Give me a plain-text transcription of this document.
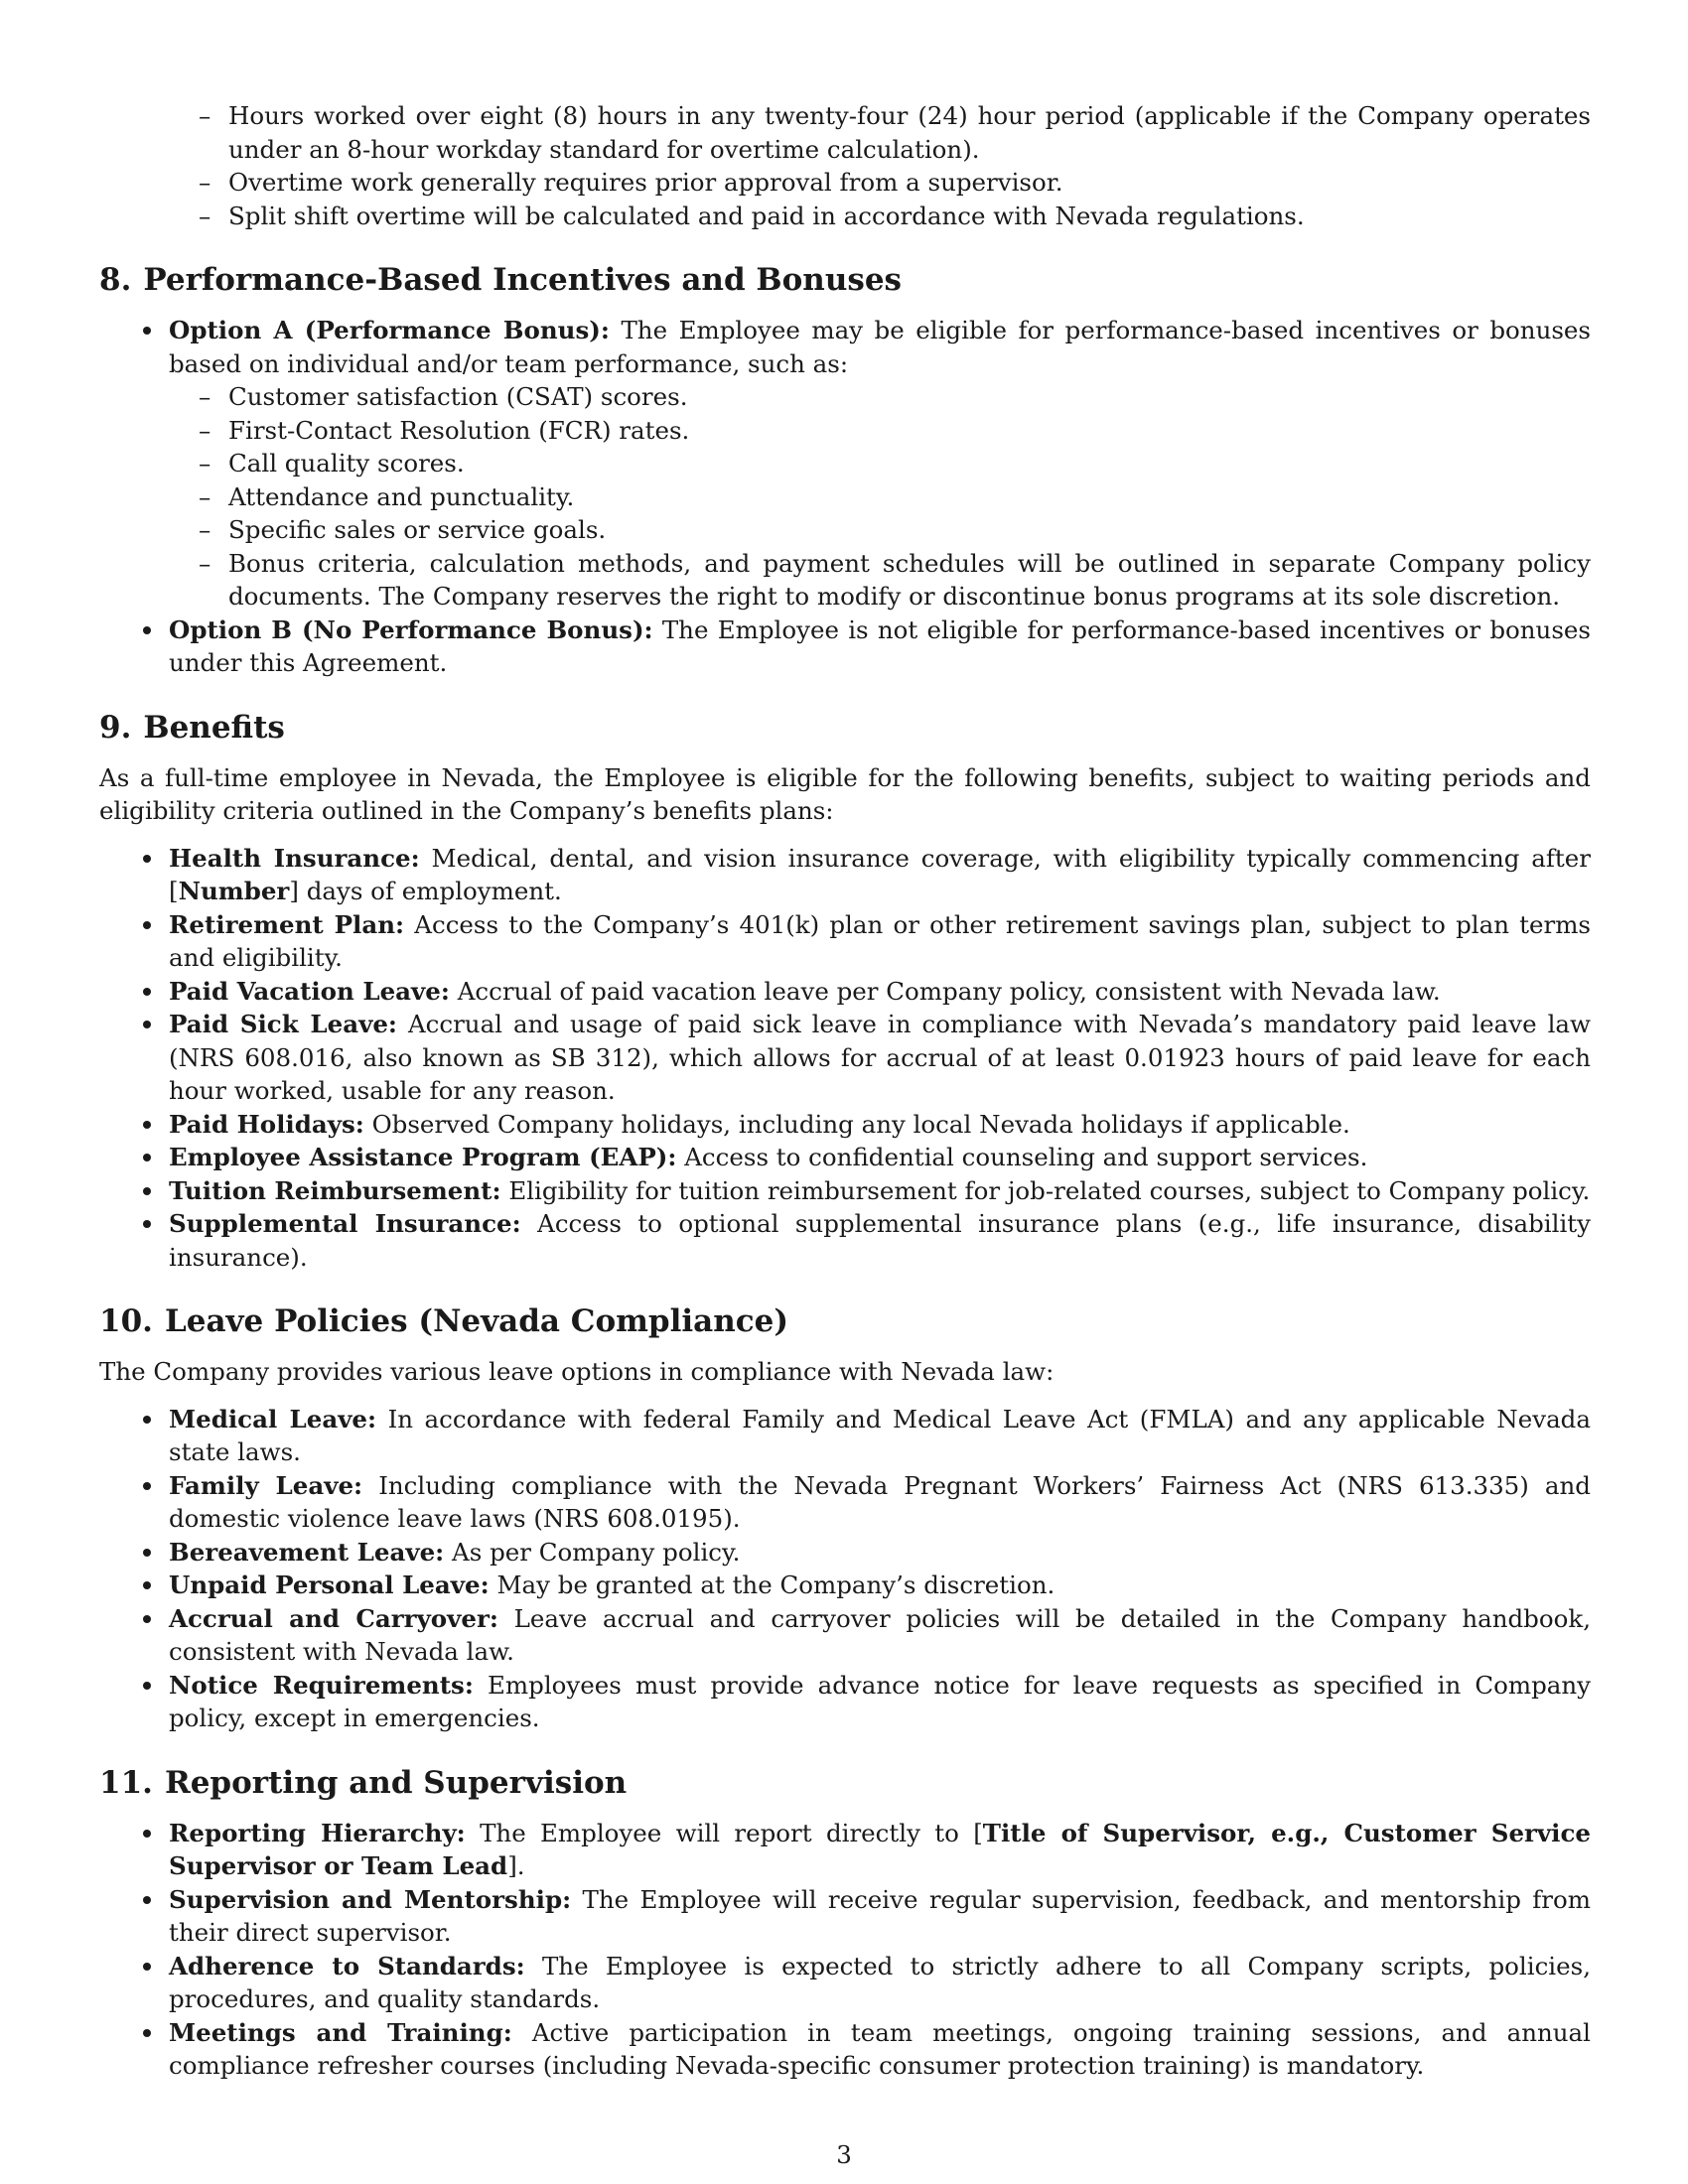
– Hours worked over eight (8) hours in any twenty-four (24) hour period (applicable if the Company operates under an 8-hour workday standard for overtime calculation).
– Overtime work generally requires prior approval from a supervisor.
– Split shift overtime will be calculated and paid in accordance with Nevada regulations.
8. Performance-Based Incentives and Bonuses
Option A (Performance Bonus): The Employee may be eligible for performance-based incentives or bonuses based on individual and/or team performance, such as:
– Customer satisfaction (CSAT) scores.
– First-Contact Resolution (FCR) rates.
– Call quality scores.
– Attendance and punctuality.
– Specific sales or service goals.
– Bonus criteria, calculation methods, and payment schedules will be outlined in separate Company policy documents. The Company reserves the right to modify or discontinue bonus programs at its sole discretion.
Option B (No Performance Bonus): The Employee is not eligible for performance-based incentives or bonuses under this Agreement.
9. Benefits

As a full-time employee in Nevada, the Employee is eligible for the following benefits, subject to waiting periods and eligibility criteria outlined in the Company’s benefits plans:

Health Insurance: Medical, dental, and vision insurance coverage, with eligibility typically commencing after [Number] days of employment.
Retirement Plan: Access to the Company’s 401(k) plan or other retirement savings plan, subject to plan terms and eligibility.
Paid Vacation Leave: Accrual of paid vacation leave per Company policy, consistent with Nevada law.
Paid Sick Leave: Accrual and usage of paid sick leave in compliance with Nevada’s mandatory paid leave law (NRS 608.016, also known as SB 312), which allows for accrual of at least 0.01923 hours of paid leave for each hour worked, usable for any reason.
Paid Holidays: Observed Company holidays, including any local Nevada holidays if applicable.
Employee Assistance Program (EAP): Access to confidential counseling and support services.
Tuition Reimbursement: Eligibility for tuition reimbursement for job-related courses, subject to Company policy.
Supplemental Insurance: Access to optional supplemental insurance plans (e.g., life insurance, disability insurance).
10. Leave Policies (Nevada Compliance)

The Company provides various leave options in compliance with Nevada law:

Medical Leave: In accordance with federal Family and Medical Leave Act (FMLA) and any applicable Nevada state laws.
Family Leave: Including compliance with the Nevada Pregnant Workers’ Fairness Act (NRS 613.335) and domestic violence leave laws (NRS 608.0195).
Bereavement Leave: As per Company policy.
Unpaid Personal Leave: May be granted at the Company’s discretion.
Accrual and Carryover: Leave accrual and carryover policies will be detailed in the Company handbook, consistent with Nevada law.
Notice Requirements: Employees must provide advance notice for leave requests as specified in Company policy, except in emergencies.
11. Reporting and Supervision
Reporting Hierarchy: The Employee will report directly to [Title of Supervisor, e.g., Customer Service Supervisor or Team Lead].
Supervision and Mentorship: The Employee will receive regular supervision, feedback, and mentorship from their direct supervisor.
Adherence to Standards: The Employee is expected to strictly adhere to all Company scripts, policies, procedures, and quality standards.
Meetings and Training: Active participation in team meetings, ongoing training sessions, and annual compliance refresher courses (including Nevada-specific consumer protection training) is mandatory.
3
